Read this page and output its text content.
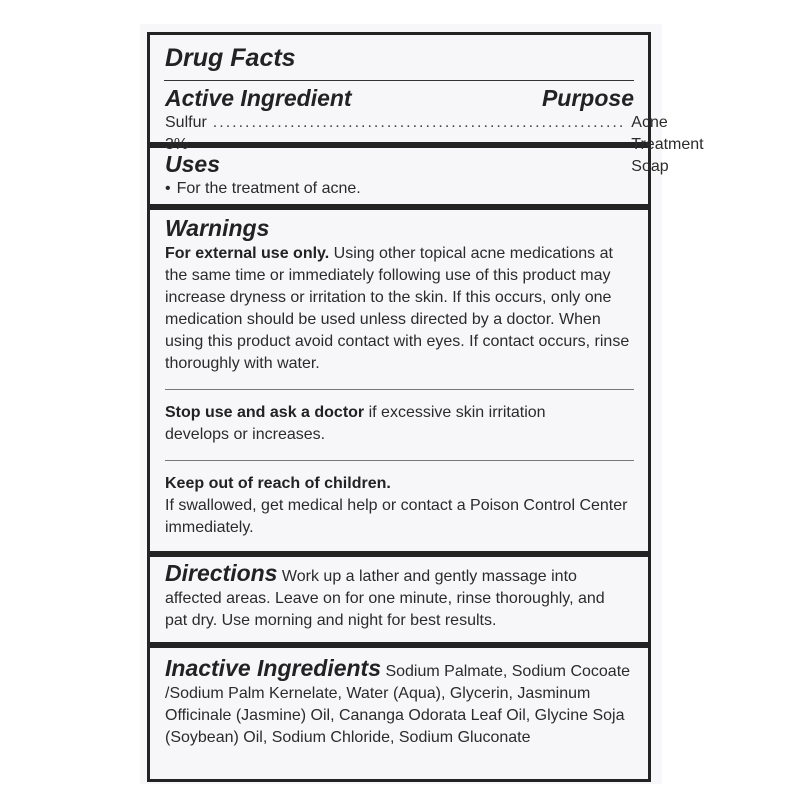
Drug Facts
Active Ingredient	Purpose
Sulfur 3%
................................................................ Acne Treatment Soap
Uses
• For the treatment of acne.
Warnings

For external use only. Using other topical acne medications at the same time or immediately following use of this product may increase dryness or irritation to the skin. If this occurs, only one medication should be used unless directed by a doctor. When using this product avoid contact with eyes. If contact occurs, rinse thoroughly with water.

Stop use and ask a doctor if excessive skin irritation develops or increases.

Keep out of reach of children.

If swallowed, get medical help or contact a Poison Control Center immediately.

Directions Work up a lather and gently massage into affected areas. Leave on for one minute, rinse thoroughly, and pat dry. Use morning and night for best results.

Inactive Ingredients Sodium Palmate, Sodium Cocoate /Sodium Palm Kernelate, Water (Aqua), Glycerin, Jasminum Officinale (Jasmine) Oil, Cananga Odorata Leaf Oil, Glycine Soja (Soybean) Oil, Sodium Chloride, Sodium Gluconate
